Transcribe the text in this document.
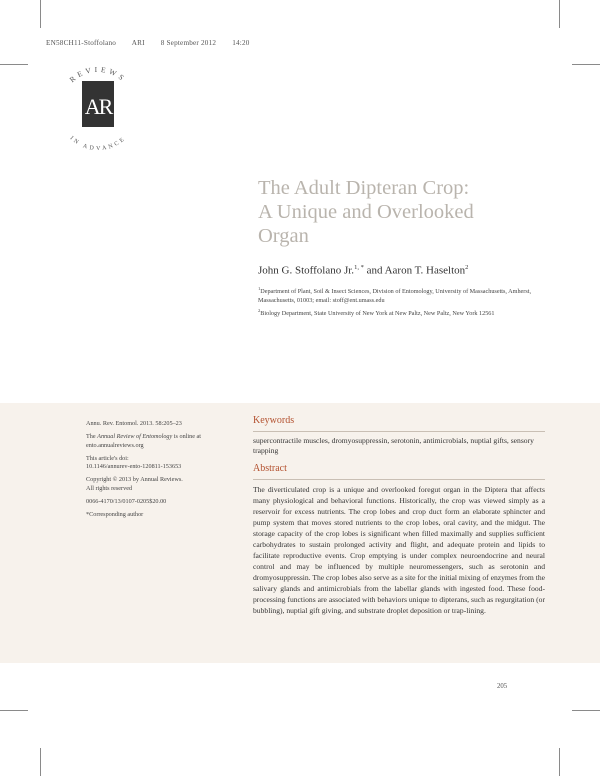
EN58CH11-Stoffolano ARI 8 September 2012 14:20
REVIEWS
IN ADVANCE
AR
The Adult Dipteran Crop:
A Unique and Overlooked
Organ
John G. Stoffolano Jr.$^{1, *}$ and Aaron T. Haselton$^2$
$^1$Department of Plant, Soil & Insect Sciences, Division of Entomology, University of Massachusetts, Amherst, Massachusetts, 01003; email: stoff@ent.umass.edu
$^2$Biology Department, State University of New York at New Paltz, New Paltz, New York 12561

Annu. Rev. Entomol. 2013. 58:205–23

The Annual Review of Entomology is online at ento.annualreviews.org

This article's doi:
10.1146/annurev-ento-120811-153653

Copyright © 2013 by Annual Reviews.
All rights reserved

0066-4170/13/0107-0205$20.00

*Corresponding author

Keywords

supercontractile muscles, dromyosuppressin, serotonin, antimicrobials, nuptial gifts, sensory trapping

Abstract

The diverticulated crop is a unique and overlooked foregut organ in the Diptera that affects many physiological and behavioral functions. Historically, the crop was viewed simply as a reservoir for excess nutrients. The crop lobes and crop duct form an elaborate sphincter and pump system that moves stored nutrients to the crop lobes, oral cavity, and the midgut. The storage capacity of the crop lobes is significant when filled maximally and supplies sufficient carbohydrates to sustain prolonged activity and flight, and adequate protein and lipids to facilitate reproductive events. Crop emptying is under complex neuroendocrine and neural control and may be influenced by multiple neuromessengers, such as serotonin and dromyosuppressin. The crop lobes also serve as a site for the initial mixing of enzymes from the salivary glands and antimicrobials from the labellar glands with ingested food. These food-processing functions are associated with behaviors unique to dipterans, such as regurgitation (or bubbling), nuptial gift giving, and substrate droplet deposition or trap-lining.

205
